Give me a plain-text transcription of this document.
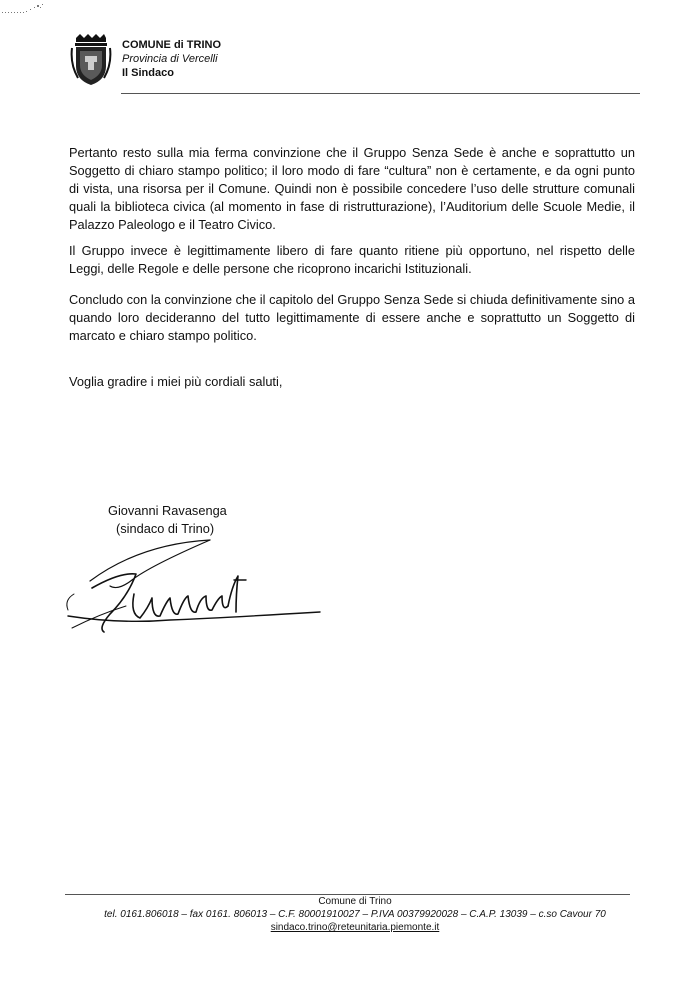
COMUNE di TRINO
Provincia di Vercelli
Il Sindaco

Pertanto resto sulla mia ferma convinzione che il Gruppo Senza Sede è anche e soprattutto un Soggetto di chiaro stampo politico; il loro modo di fare “cultura” non è certamente, e da ogni punto di vista, una risorsa per il Comune. Quindi non è possibile concedere l’uso delle strutture comunali quali la biblioteca civica (al momento in fase di ristrutturazione), l’Auditorium delle Scuole Medie, il Palazzo Paleologo e il Teatro Civico.

Il Gruppo invece è legittimamente libero di fare quanto ritiene più opportuno, nel rispetto delle Leggi, delle Regole e delle persone che ricoprono incarichi Istituzionali.

Concludo con la convinzione che il capitolo del Gruppo Senza Sede si chiuda definitivamente sino a quando loro decideranno del tutto legittimamente di essere anche e soprattutto un Soggetto di marcato e chiaro stampo politico.

Voglia gradire i miei più cordiali saluti,

Giovanni Ravasenga
(sindaco di Trino)
Comune di Trino
tel. 0161.806018 – fax 0161. 806013 – C.F. 80001910027 – P.IVA 00379920028 – C.A.P. 13039 – c.so Cavour 70
sindaco.trino@reteunitaria.piemonte.it
